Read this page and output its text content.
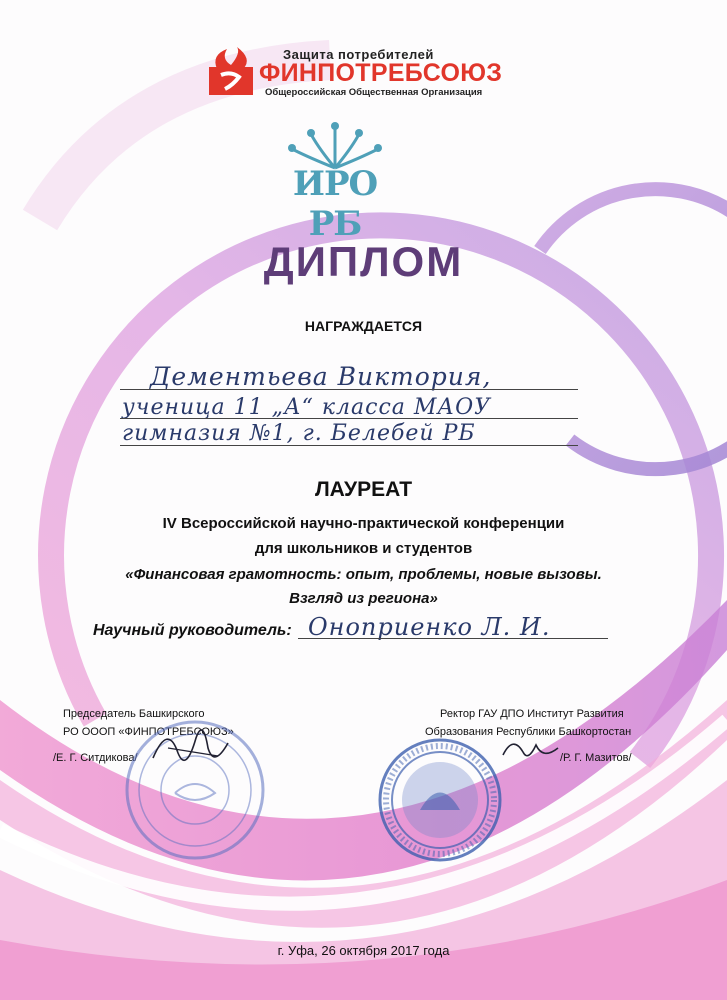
Защита потребителей
ФИНПОТРЕБСОЮЗ
Общероссийская Общественная Организация
ИРО РБ
ДИПЛОМ
НАГРАЖДАЕТСЯ
Дементьева Виктория,
ученица 11 „А“ класса МАОУ
гимназия №1, г. Белебей РБ
ЛАУРЕАТ
IV Всероссийской научно-практической конференции
для школьников и студентов
«Финансовая грамотность: опыт, проблемы, новые вызовы.
Взгляд из региона»
Научный руководитель: Оноприенко Л. И.
Председатель Башкирского
РО ОООП «ФИНПОТРЕБСОЮЗ»
/Е. Г. Ситдикова/
Ректор ГАУ ДПО Институт Развития
Образования Республики Башкортостан
/Р. Г. Мазитов/
г. Уфа, 26 октября 2017 года
